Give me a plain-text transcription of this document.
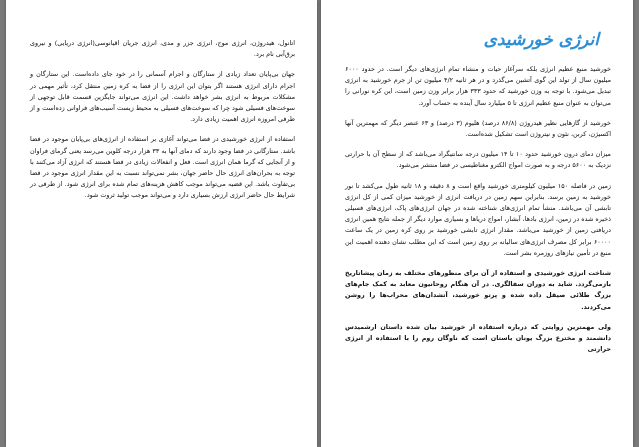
اتانول، هیدروژن، انرژی موج، انرژی جزر و مدی، انرژی جریان اقیانوسی(انرژی دریایی) و نیروی برق‌آبی نام برد.

جهان بی‌پایان تعداد زیادی از ستارگان و اجرام آسمانی را در خود جای داده‌است. این ستارگان و اجرام دارای انرژی هستند اگر بتوان این انرژی را از فضا به کره زمین منتقل کرد، تأثیر مهمی در مشکلات مربوط به انرژی بشر خواهد داشت. این انرژی می‌تواند جایگزین قسمت قابل توجهی از سوخت‌های فسیلی شود چرا که سوخت‌های فسیلی به محیط زیست آسیب‌های فراوانی زده‌است و از طرفی امروزه انرژی اهمیت زیادی دارد.

استفاده از انرژی خورشیدی در فضا می‌تواند آغازی بر استفاده از انرژی‌های بی‌پایان موجود در فضا باشد. ستارگانی در فضا وجود دارند که دمای آنها به ۳۳ هزار درجه کلوین می‌رسد یعنی گرمای فراوان و از آنجایی که گرما همان انرژی است. فعل و انفعالات زیادی در فضا هستند که انرژی آزاد می‌کنند با توجه به بحران‌های انرژی حال حاضر جهان، بشر نمی‌تواند نسبت به این مقدار انرژی موجود در فضا بی‌تفاوت باشد. این قضیه می‌تواند موجب کاهش هزینه‌های تمام شده برای انرژی شود. از طرفی در شرایط حال حاضر انرژی ارزش بسیاری دارد و می‌تواند موجب تولید ثروت شود.

انرژی خورشیدی

خورشید منبع عظیم انرژی بلکه سرآغاز حیات و منشاء تمام انرژی‌های دیگر است. در حدود ۶۰۰۰ میلیون سال از تولد این گوی آتشین می‌گذرد و در هر ثانیه ۴/۲ میلیون تن از جرم خورشید به انرژی تبدیل می‌شود. با توجه به وزن خورشید که حدود ۳۳۳ هزار برابر وزن زمین است، این کره نورانی را می‌توان به عنوان منبع عظیم انرژی تا ۵ میلیارد سال آینده به حساب آورد.

خورشید از گازهایی نظیر هیدروژن (۸۶/۸ درصد) هلیوم (۳ درصد) و ۶۳ عنصر دیگر که مهمترین آنها اکسیژن، کربن، نئون و نیتروژن است تشکیل شده‌است.

میزان دمای درون خورشید حدود ۱۰ تا ۱۴ میلیون درجه سانتیگراد می‌باشد که از سطح آن با حرارتی نزدیک به ۵۶۰۰ درجه و به صورت امواج الکترو مغناطیسی در فضا منتشر می‌شود.

زمین در فاصله ۱۵۰ میلیون کیلومتری خورشید واقع است و ۸ دقیقه و ۱۸ ثانیه طول می‌کشد تا نور خورشید به زمین برسد. بنابراین سهم زمین در دریافت انرژی از خورشید میزان کمی از کل انرژی تابشی آن می‌باشد. منشأ تمام انرژی‌های شناخته شده در جهان انرژی‌های پاک، انرژی‌های فسیلی ذخیره شده در زمین، انرژی بادها، آبشار، امواج دریاها و بسیاری موارد دیگر از جمله نتایج همین انرژی دریافتی زمین از خورشید می‌باشد. مقدار انرژی تابشی خورشید بر روی کره زمین در یک ساعت ۶۰۰۰۰ برابر کل مصرف انرژی‌های سالیانه بر روی زمین است که این مطلب نشان دهنده اهمیت این منبع در تأمین نیازهای روزمره بشر است.

شناخت انرژی خورشیدی و استفاده از آن برای منظورهای مختلف به زمان پیشاتاریخ بازمی‌گردد. شاید به دوران سفالگری. در آن هنگام روحانیون معابد به کمک جام‌های بزرگ طلائی صیقل داده شده و پرتو خورشید، آتشدان‌های محراب‌ها را روشن می‌کردند.

ولی مهمترین روایتی که درباره استفاده از خورشید بیان شده داستان ارشمیدس دانشمند و مخترع بزرگ یونان باستان است که ناوگان روم را با استفاده از انرژی حرارتی
